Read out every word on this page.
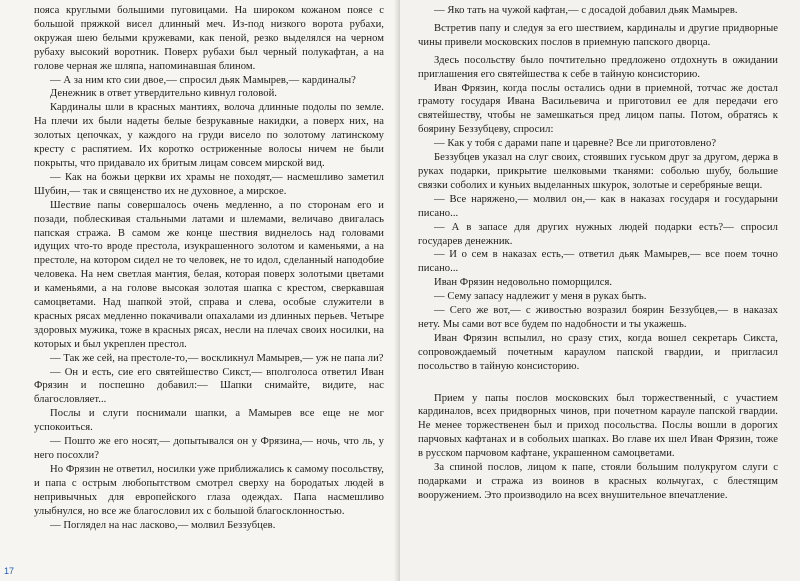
пояса круглыми большими пуговицами. На широком кожаном поясе с большой пряжкой висел длинный меч. Из-под низкого ворота рубахи, окружая шею белыми кружевами, как пеной, резко выделялся на черном рубаху высокий воротник. Поверх рубахи был черный полукафтан, а на голове черная же шляпа, напоминавшая блином.

— А за ним кто сии двое,— спросил дьяк Мамырев,— кардиналы?

Денежник в ответ утвердительно кивнул головой.

Кардиналы шли в красных мантиях, волоча длинные подолы по земле. На плечи их были надеты белые безрукавные накидки, а поверх них, на золотых цепочках, у каждого на груди висело по золотому латинскому кресту с распятием. Их коротко остриженные волосы ничем не были покрыты, что придавало их бритым лицам совсем мирской вид.

— Как на божьи церкви их храмы не походят,— насмешливо заметил Шубин,— так и священство их не духовное, а мирское.

Шествие папы совершалось очень медленно, а по сторонам его и позади, поблескивая стальными латами и шлемами, величаво двигалась папская стража. В самом же конце шествия виднелось над головами идущих что-то вроде престола, изукрашенного золотом и каменьями, а на престоле, на котором сидел не то человек, не то идол, сделанный наподобие человека. На нем светлая мантия, белая, которая поверх золотыми цветами и каменьями, а на голове высокая золотая шапка с крестом, сверкавшая самоцветами. Над шапкой этой, справа и слева, особые служители в красных рясах медленно покачивали опахалами из длинных перьев. Четыре здоровых мужика, тоже в красных рясах, несли на плечах своих носилки, на которых и был укреплен престол.

— Так же сей, на престоле-то,— воскликнул Мамырев,— уж не папа ли?

— Он и есть, сие его святейшество Сикст,— вполголоса ответил Иван Фрязин и поспешно добавил:— Шапки снимайте, видите, нас благословляет...

Послы и слуги поснимали шапки, а Мамырев все еще не мог успокоиться.

— Пошто же его носят,— допытывался он у Фрязина,— ночь, что ль, у него посохли?

Но Фрязин не ответил, носилки уже приближались к самому посольству, и папа с острым любопытством смотрел сверху на бородатых людей в непривычных для европейского глаза одеждах. Папа насмешливо улыбнулся, но все же благословил их с большой благосклонностью.

— Поглядел на нас ласково,— молвил Беззубцев.

— Яко тать на чужой кафтан,— с досадой добавил дьяк Мамырев.

Встретив папу и следуя за его шествием, кардиналы и другие придворные чины привели московских послов в приемную папского дворца.

Здесь посольству было почтительно предложено отдохнуть в ожидании приглашения его святейшества к себе в тайную консисторию.

Иван Фрязин, когда послы остались одни в приемной, тотчас же достал грамоту государя Ивана Васильевича и приготовил ее для передачи его святейшеству, чтобы не замешкаться пред лицом папы. Потом, обратясь к боярину Беззубцеву, спросил:

— Как у тобя с дарами папе и царевне? Все ли приготовлено?

Беззубцев указал на слуг своих, стоявших гуськом друг за другом, держа в руках подарки, прикрытие шелковыми тканями: соболью шубу, большие связки соболих и куньих выделанных шкурок, золотые и серебряные вещи.

— Все наряжено,— молвил он,— как в наказах государя и государыни писано...

— А в запасе для других нужных людей подарки есть?— спросил государев денежник.

— И о сем в наказах есть,— ответил дьяк Мамырев,— все поем точно писано...

Иван Фрязин недовольно поморщился.

— Сему запасу надлежит у меня в руках быть.

— Сего же вот,— с живостью возразил боярин Беззубцев,— в наказах нету. Мы сами вот все будем по надобности и ты укажешь.

Иван Фрязин вспылил, но сразу стих, когда вошел секретарь Сикста, сопровождаемый почетным караулом папской гвардии, и пригласил посольство в тайную консисторию.

Прием у папы послов московских был торжественный, с участием кардиналов, всех придворных чинов, при почетном карауле папской гвардии. Не менее торжественен был и приход посольства. Послы вошли в дорогих парчовых кафтанах и в собольих шапках. Во главе их шел Иван Фрязин, тоже в русском парчовом кафтане, украшенном самоцветами.

За спиной послов, лицом к папе, стояли большим полукругом слуги с подарками и стража из воинов в красных кольчугах, с блестящим вооружением. Это производило на всех внушительное впечатление.

17
